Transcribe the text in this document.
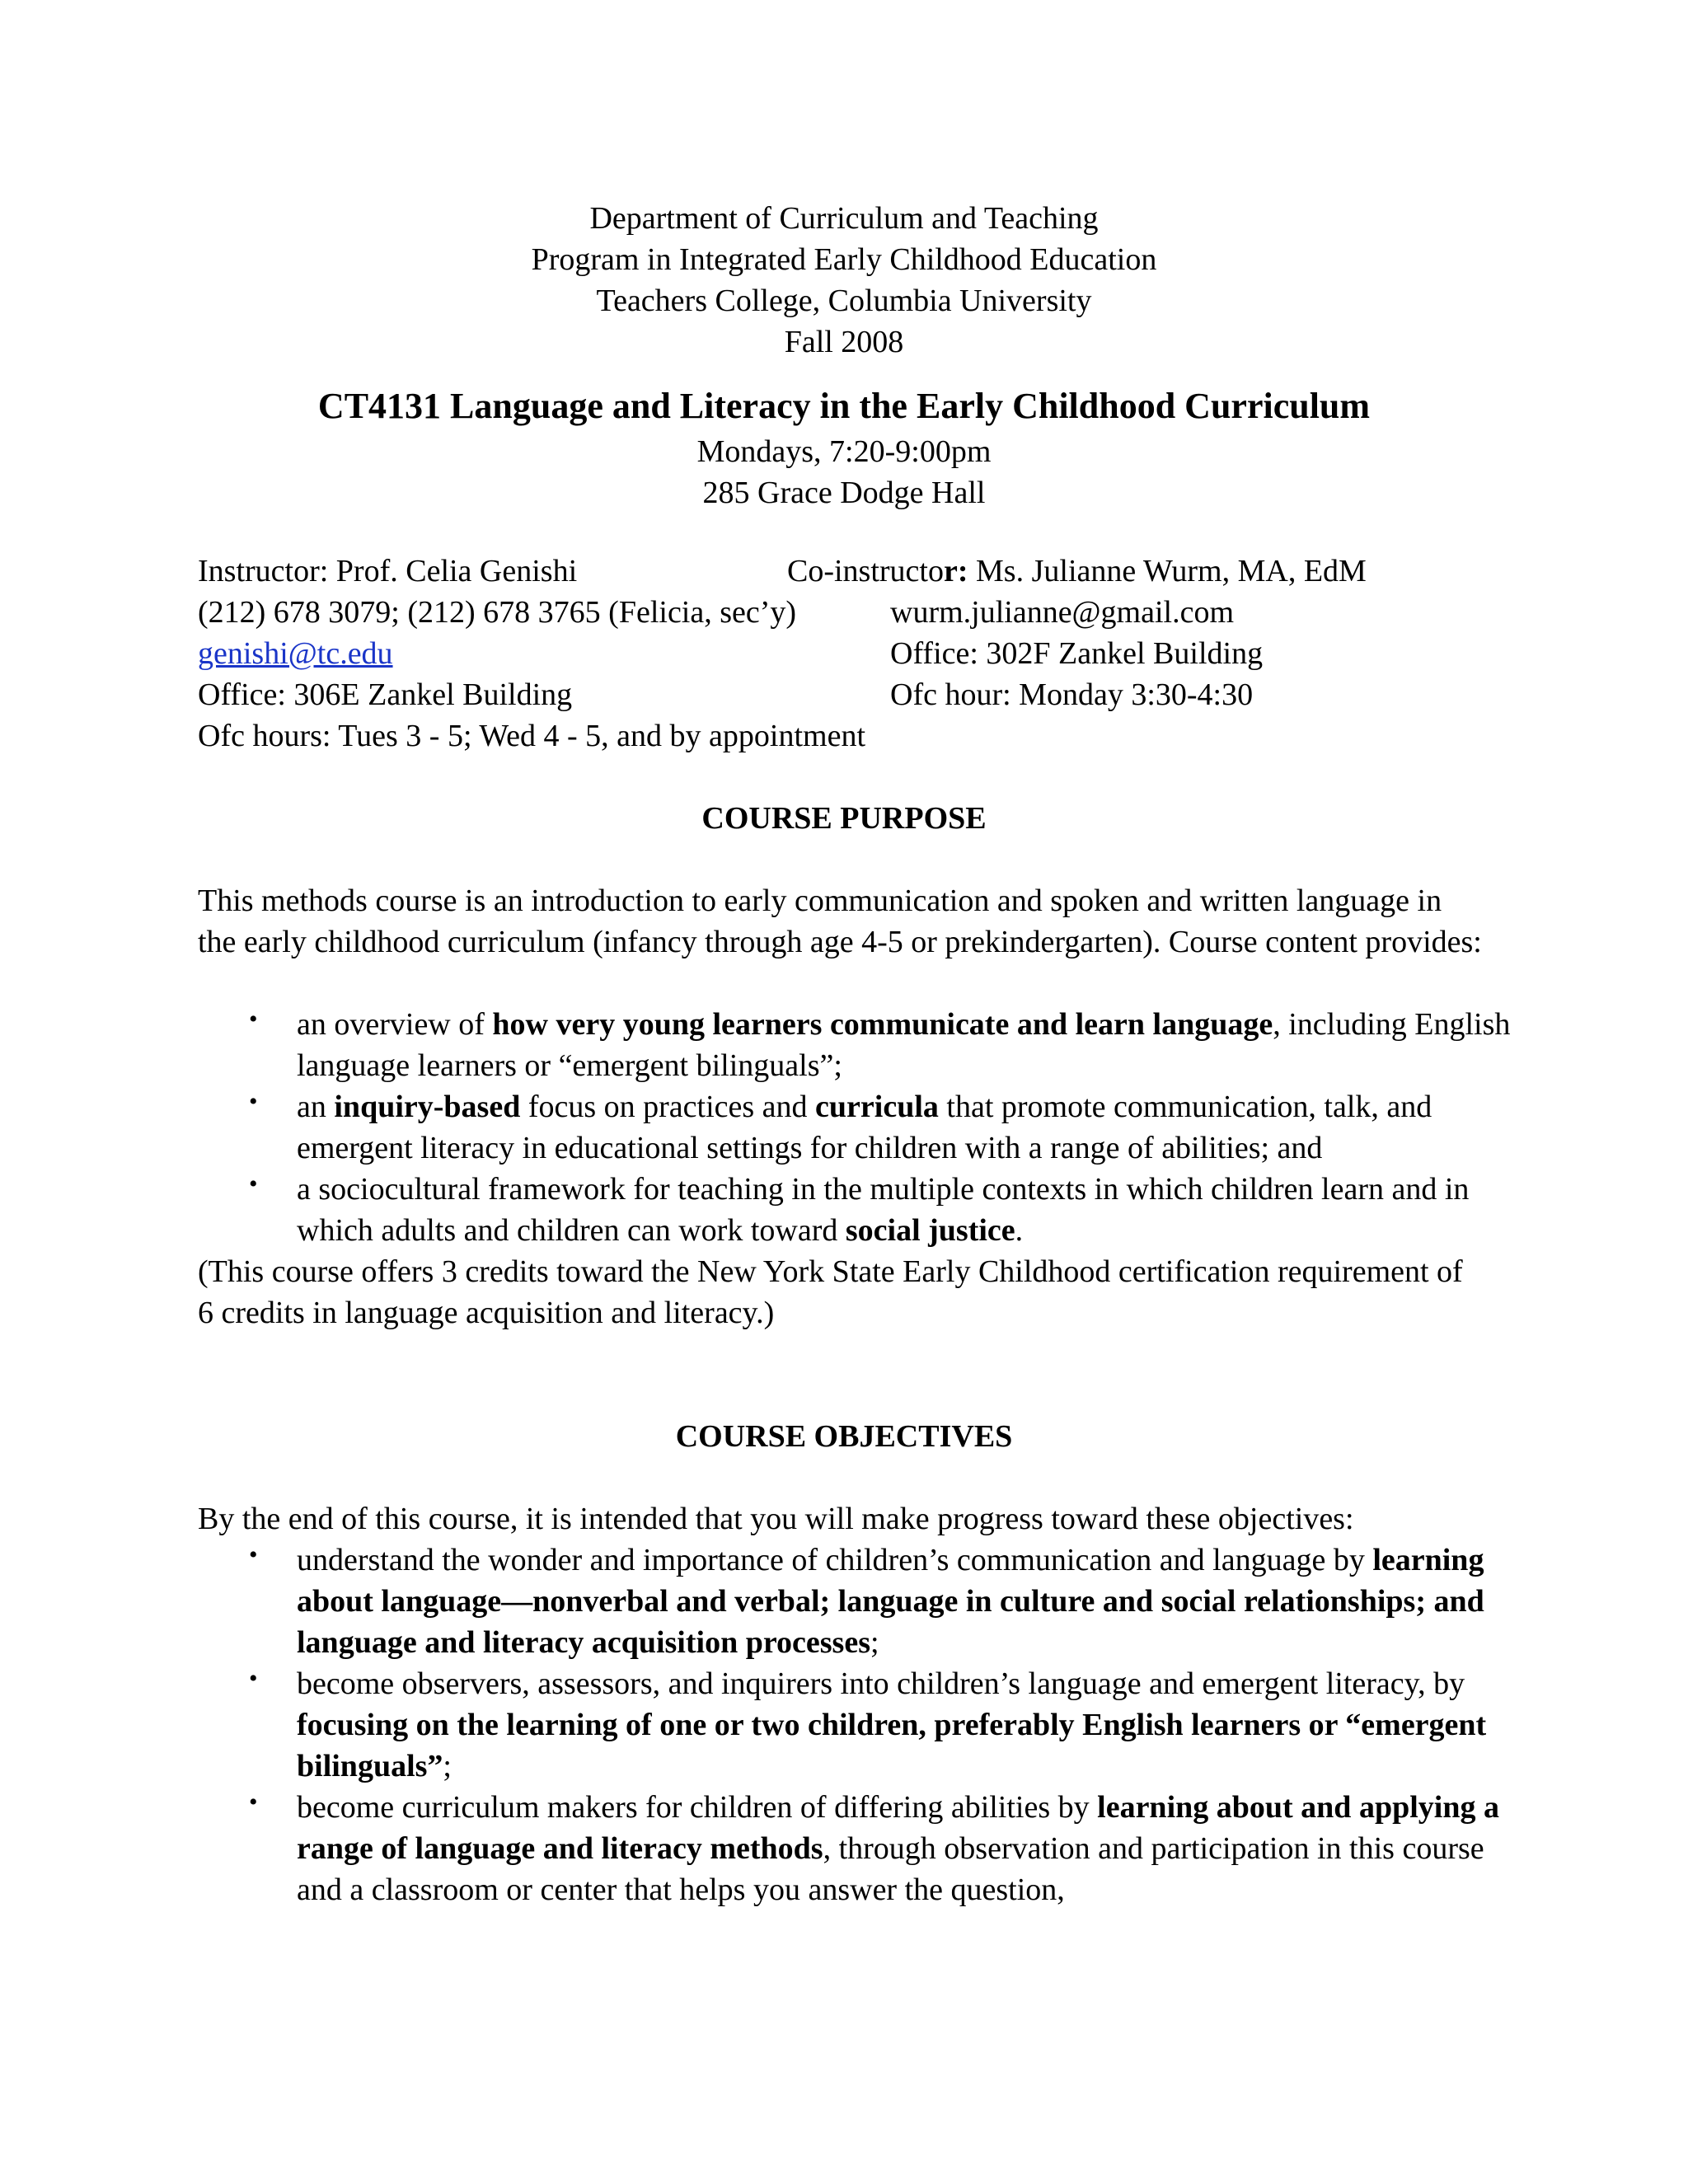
Department of Curriculum and Teaching
Program in Integrated Early Childhood Education
Teachers College, Columbia University
Fall 2008
CT4131 Language and Literacy in the Early Childhood Curriculum
Mondays, 7:20-9:00pm
285 Grace Dodge Hall
Instructor: Prof. Celia Genishi
(212) 678 3079; (212) 678 3765 (Felicia, sec’y)
genishi@tc.edu
Office: 306E Zankel Building
Ofc hours: Tues 3 - 5; Wed 4 - 5, and by appointment
Co-instructor: Ms. Julianne Wurm, MA, EdM
wurm.julianne@gmail.com
Office: 302F Zankel Building
Ofc hour: Monday 3:30-4:30
COURSE PURPOSE
This methods course is an introduction to early communication and spoken and written language in the early childhood curriculum (infancy through age 4-5 or prekindergarten). Course content provides:
• an overview of how very young learners communicate and learn language, including English language learners or “emergent bilinguals”;
• an inquiry-based focus on practices and curricula that promote communication, talk, and emergent literacy in educational settings for children with a range of abilities; and
• a sociocultural framework for teaching in the multiple contexts in which children learn and in which adults and children can work toward social justice.
(This course offers 3 credits toward the New York State Early Childhood certification requirement of 6 credits in language acquisition and literacy.)
COURSE OBJECTIVES
By the end of this course, it is intended that you will make progress toward these objectives:
• understand the wonder and importance of children’s communication and language by learning about language—nonverbal and verbal; language in culture and social relationships; and language and literacy acquisition processes;
• become observers, assessors, and inquirers into children’s language and emergent literacy, by focusing on the learning of one or two children, preferably English learners or “emergent bilinguals”;
• become curriculum makers for children of differing abilities by learning about and applying a range of language and literacy methods, through observation and participation in this course and a classroom or center that helps you answer the question,
